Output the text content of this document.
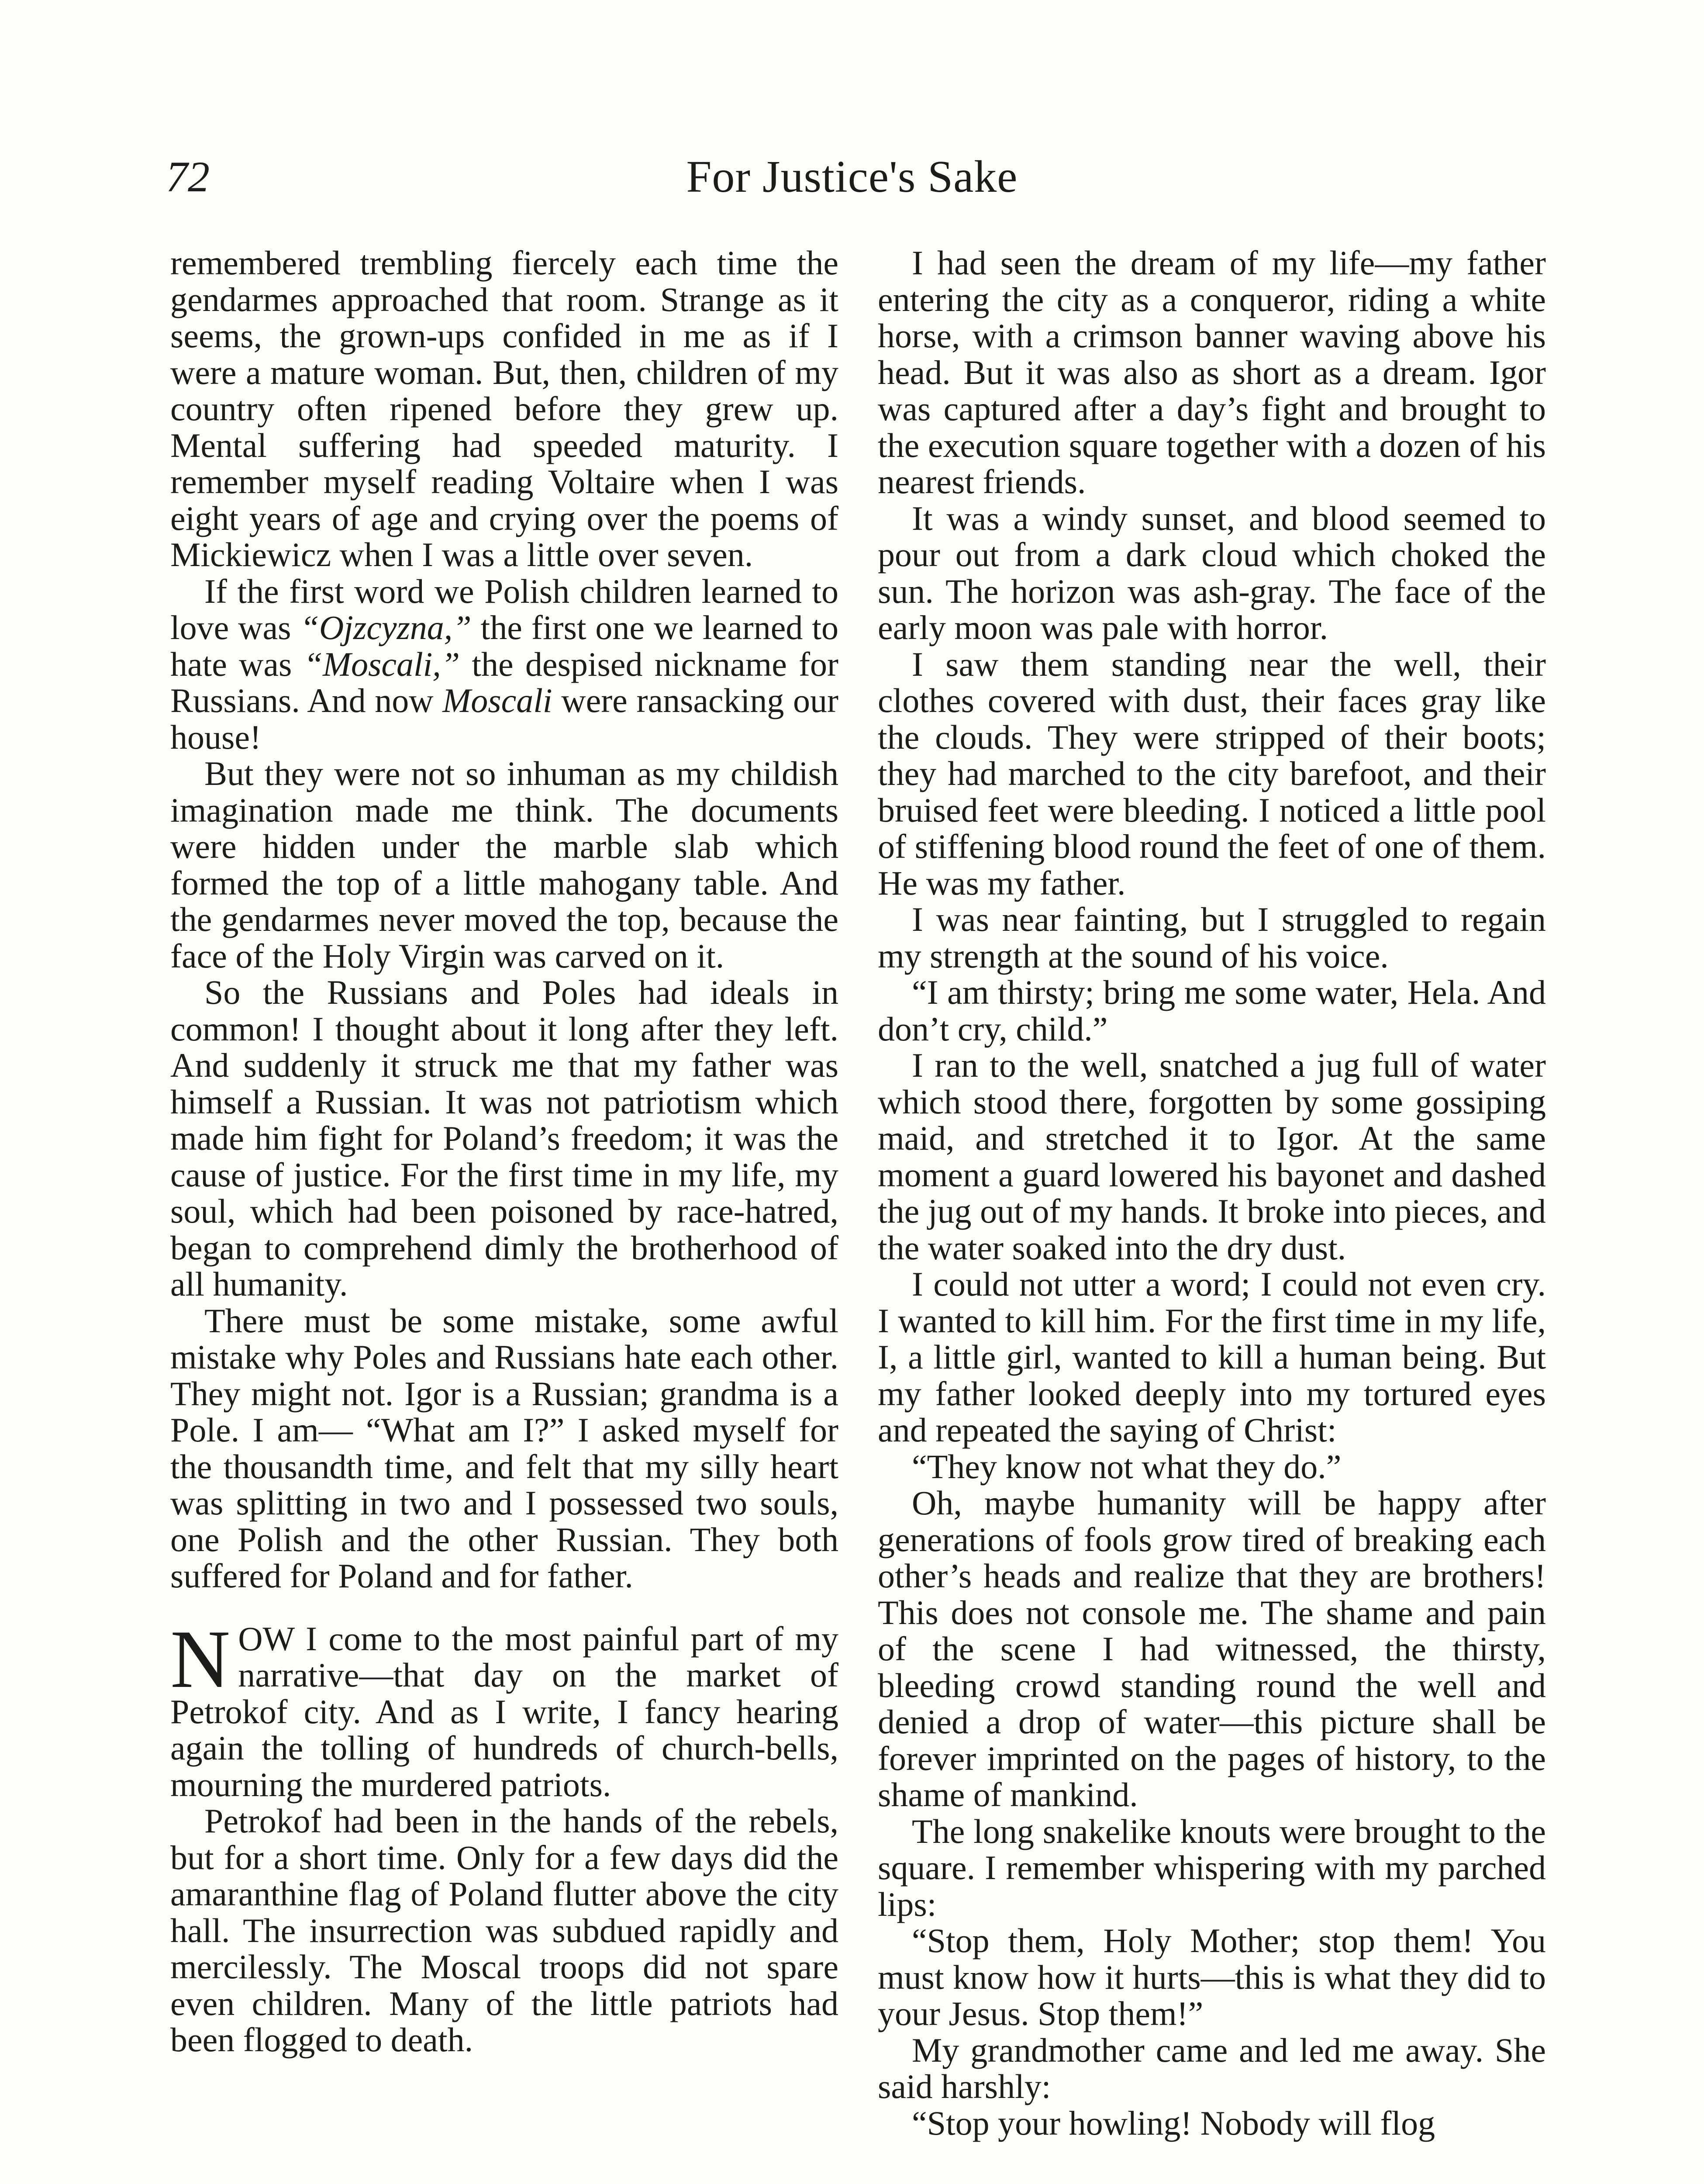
72	For Justice's Sake

remembered trembling fiercely each time the gendarmes approached that room. Strange as it seems, the grown-ups confided in me as if I were a mature woman. But, then, children of my country often ripened before they grew up. Mental suffering had speeded maturity. I remember myself reading Voltaire when I was eight years of age and crying over the poems of Mickiewicz when I was a little over seven.

If the first word we Polish children learned to love was “Ojzcyzna,” the first one we learned to hate was “Moscali,” the despised nickname for Russians. And now Moscali were ransacking our house!

But they were not so inhuman as my childish imagination made me think. The documents were hidden under the marble slab which formed the top of a little mahogany table. And the gendarmes never moved the top, because the face of the Holy Virgin was carved on it.

So the Russians and Poles had ideals in common! I thought about it long after they left. And suddenly it struck me that my father was himself a Russian. It was not patriotism which made him fight for Poland’s freedom; it was the cause of justice. For the first time in my life, my soul, which had been poisoned by race-hatred, began to comprehend dimly the brotherhood of all humanity.

There must be some mistake, some awful mistake why Poles and Russians hate each other. They might not. Igor is a Russian; grandma is a Pole. I am— “What am I?” I asked myself for the thousandth time, and felt that my silly heart was splitting in two and I possessed two souls, one Polish and the other Russian. They both suffered for Poland and for father.

NOW I come to the most painful part of my narrative—that day on the market of Petrokof city. And as I write, I fancy hearing again the tolling of hundreds of church-bells, mourning the murdered patriots.

Petrokof had been in the hands of the rebels, but for a short time. Only for a few days did the amaranthine flag of Poland flutter above the city hall. The insurrection was subdued rapidly and mercilessly. The Moscal troops did not spare even children. Many of the little patriots had been flogged to death.

I had seen the dream of my life—my father entering the city as a conqueror, riding a white horse, with a crimson banner waving above his head. But it was also as short as a dream. Igor was captured after a day’s fight and brought to the execution square together with a dozen of his nearest friends.

It was a windy sunset, and blood seemed to pour out from a dark cloud which choked the sun. The horizon was ash-gray. The face of the early moon was pale with horror.

I saw them standing near the well, their clothes covered with dust, their faces gray like the clouds. They were stripped of their boots; they had marched to the city barefoot, and their bruised feet were bleeding. I noticed a little pool of stiffening blood round the feet of one of them. He was my father.

I was near fainting, but I struggled to regain my strength at the sound of his voice.

“I am thirsty; bring me some water, Hela. And don’t cry, child.”

I ran to the well, snatched a jug full of water which stood there, forgotten by some gossiping maid, and stretched it to Igor. At the same moment a guard lowered his bayonet and dashed the jug out of my hands. It broke into pieces, and the water soaked into the dry dust.

I could not utter a word; I could not even cry. I wanted to kill him. For the first time in my life, I, a little girl, wanted to kill a human being. But my father looked deeply into my tortured eyes and repeated the saying of Christ:

“They know not what they do.”

Oh, maybe humanity will be happy after generations of fools grow tired of breaking each other’s heads and realize that they are brothers! This does not console me. The shame and pain of the scene I had witnessed, the thirsty, bleeding crowd standing round the well and denied a drop of water—this picture shall be forever imprinted on the pages of history, to the shame of mankind.

The long snakelike knouts were brought to the square. I remember whispering with my parched lips:

“Stop them, Holy Mother; stop them! You must know how it hurts—this is what they did to your Jesus. Stop them!”

My grandmother came and led me away. She said harshly:

“Stop your howling! Nobody will flog
